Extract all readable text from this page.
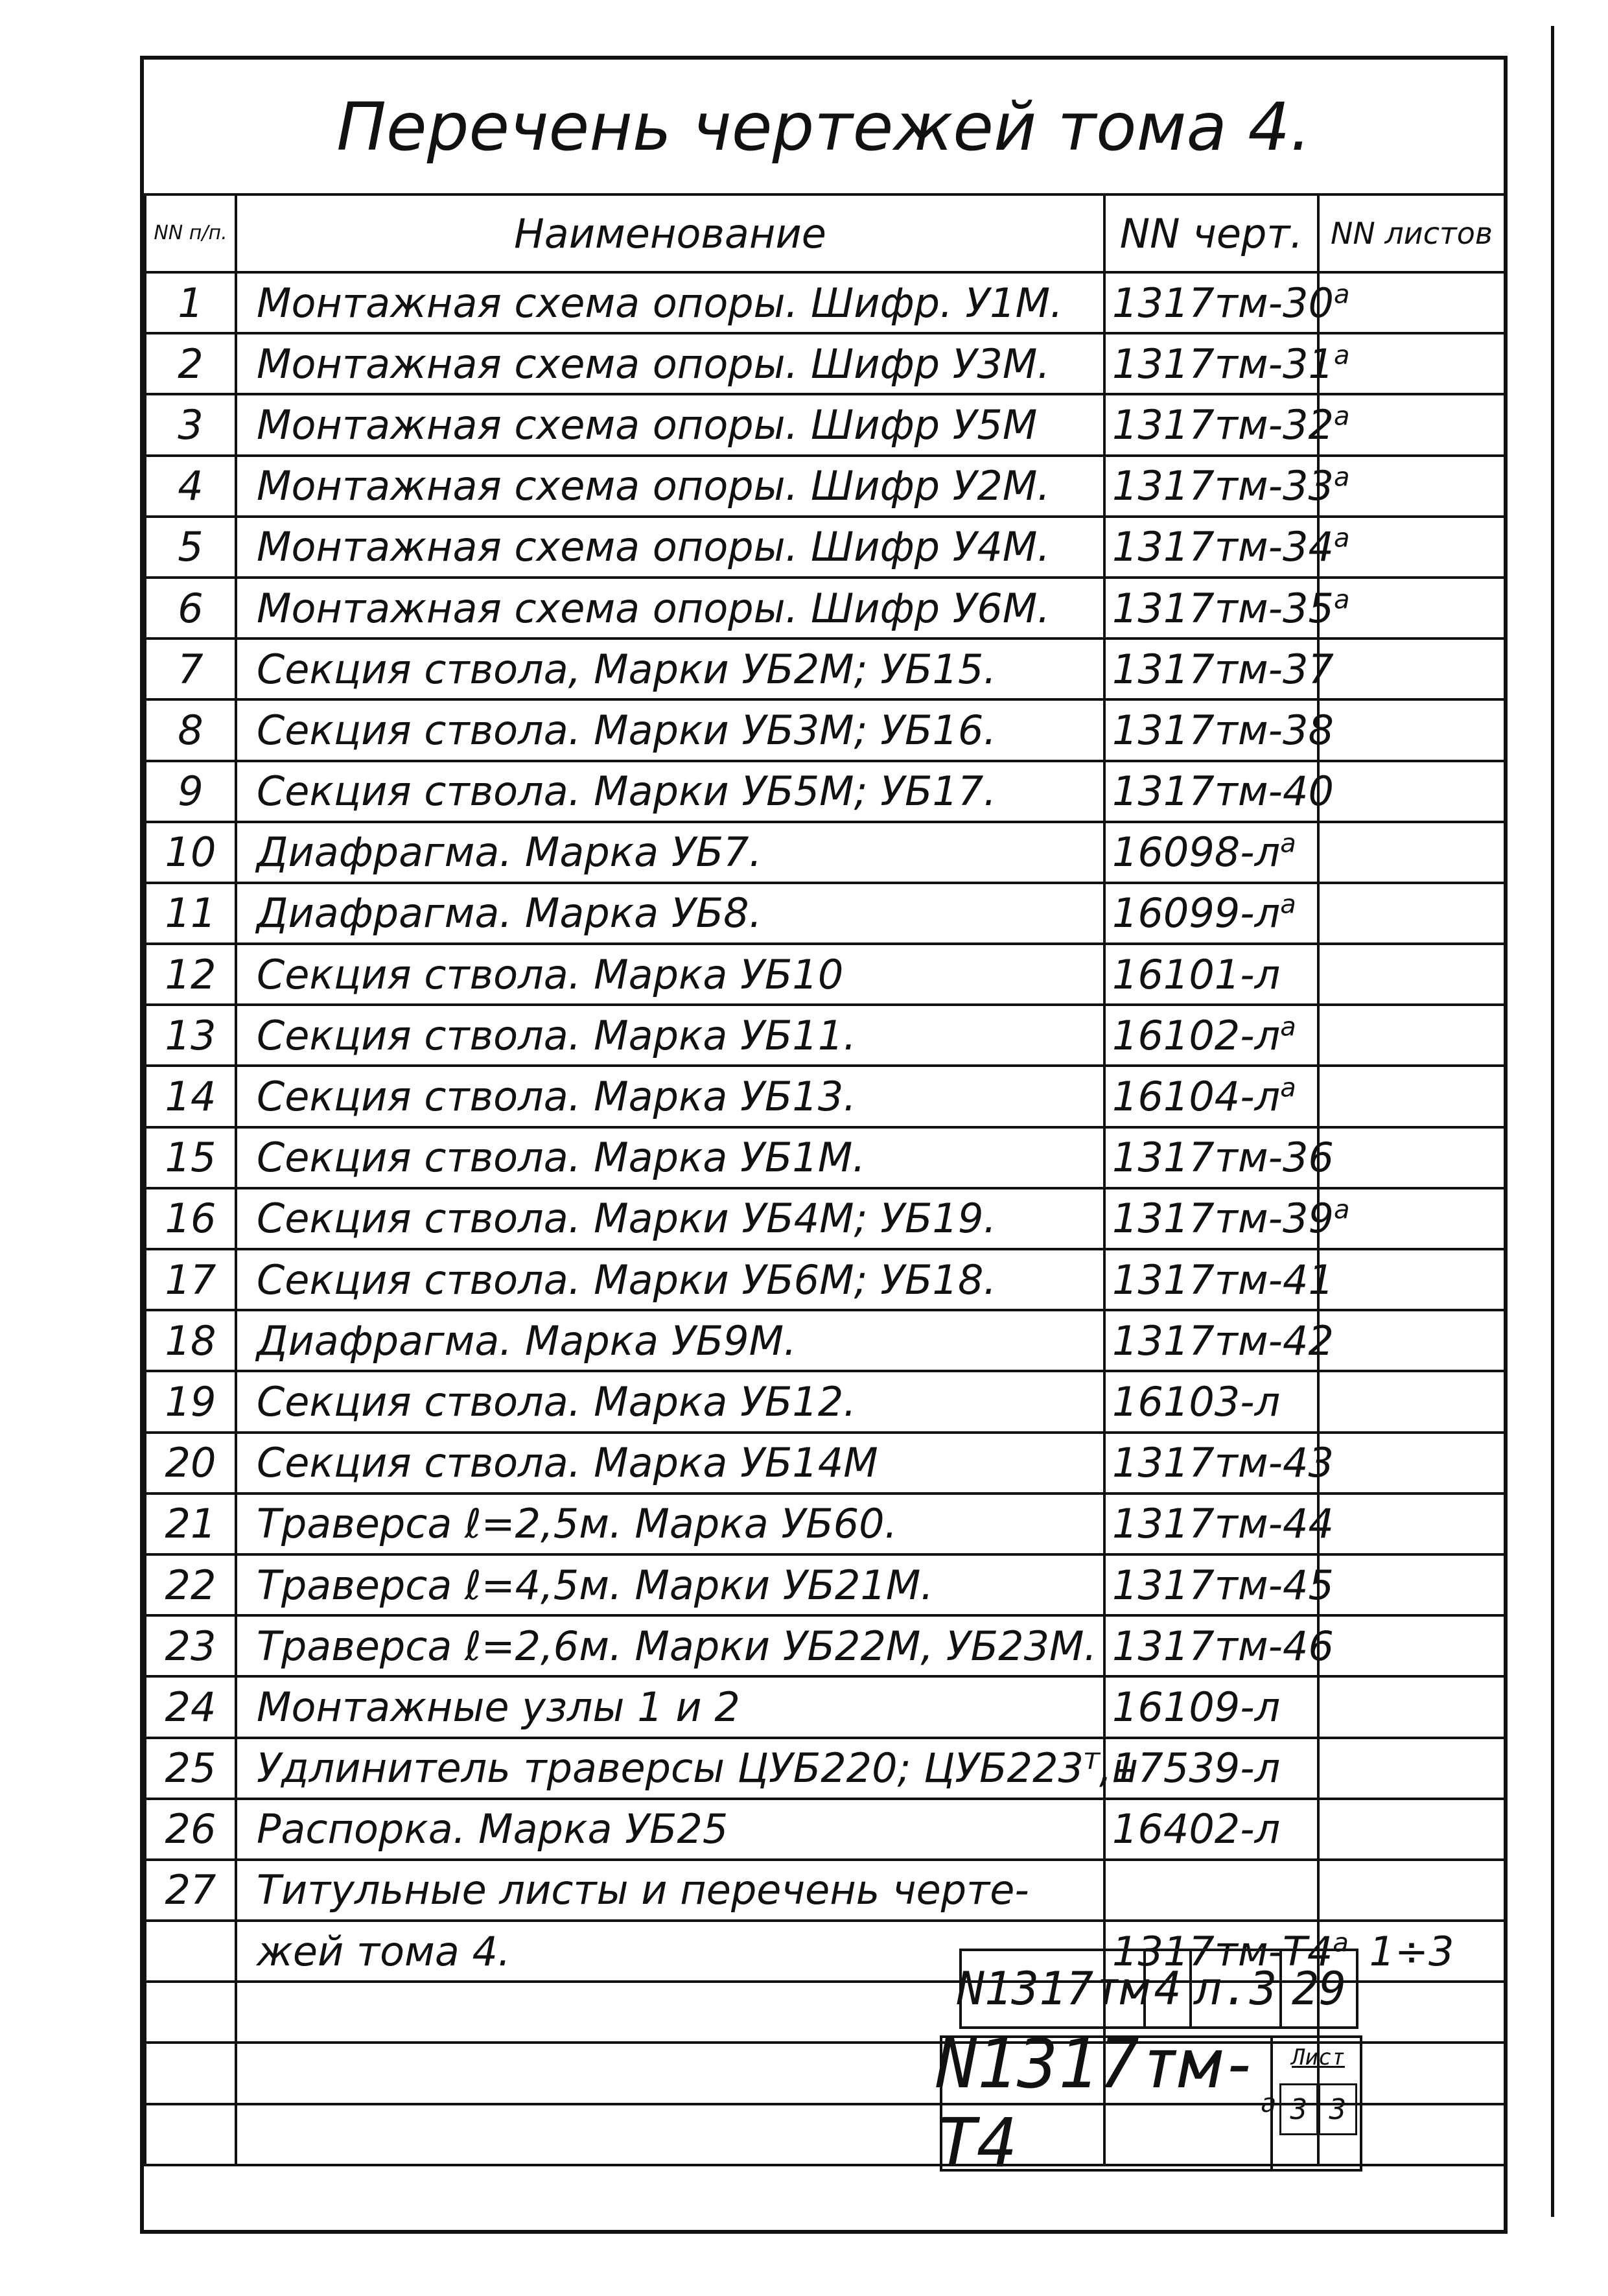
Перечень чертежей тома 4.
NN п/п.	Наименование	NN черт.	NN листов
1	Монтажная схема опоры. Шифр. У1М.	1317тм-30$^a$	
2	Монтажная схема опоры. Шифр У3М.	1317тм-31$^a$	
3	Монтажная схема опоры. Шифр У5М	1317тм-32$^a$	
4	Монтажная схема опоры. Шифр У2М.	1317тм-33$^a$	
5	Монтажная схема опоры. Шифр У4М.	1317тм-34$^a$	
6	Монтажная схема опоры. Шифр У6М.	1317тм-35$^a$	
7	Секция ствола, Марки УБ2М; УБ15.	1317тм-37	
8	Секция ствола. Марки УБ3М; УБ16.	1317тм-38	
9	Секция ствола. Марки УБ5М; УБ17.	1317тм-40	
10	Диафрагма. Марка УБ7.	$16098-л^a$	
11	Диафрагма. Марка УБ8.	$16099-л^a$	
12	Секция ствола. Марка УБ10	16101-л	
13	Секция ствола. Марка УБ11.	$16102-л^a$	
14	Секция ствола. Марка УБ13.	$16104-л^a$	
15	Секция ствола. Марка УБ1М.	1317тм-36	
16	Секция ствола. Марки УБ4М; УБ19.	1317тм-39$^a$	
17	Секция ствола. Марки УБ6М; УБ18.	1317тм-41	
18	Диафрагма. Марка УБ9М.	1317тм-42	
19	Секция ствола. Марка УБ12.	16103-л	
20	Секция ствола. Марка УБ14М	1317тм-43	
21	Траверса ℓ=2,5м. Марка УБ60.	1317тм-44	
22	Траверса ℓ=4,5м. Марки УБ21М.	1317тм-45	
23	Траверса ℓ=2,6м. Марки УБ22М, УБ23М.	1317тм-46	
24	Монтажные узлы 1 и 2	16109-л	
25	Удлинитель траверсы ЦУБ220; ЦУБ223ᵀ,н	17539-л	
26	Распорка. Марка УБ25	16402-л	
27	Титульные листы и перечень черте-		
	жей тома 4.	1317тм-Т4$^a$	1÷3

N1317тм 4 л.3 29
N1317тм-Т4	a
Лист
3 3
